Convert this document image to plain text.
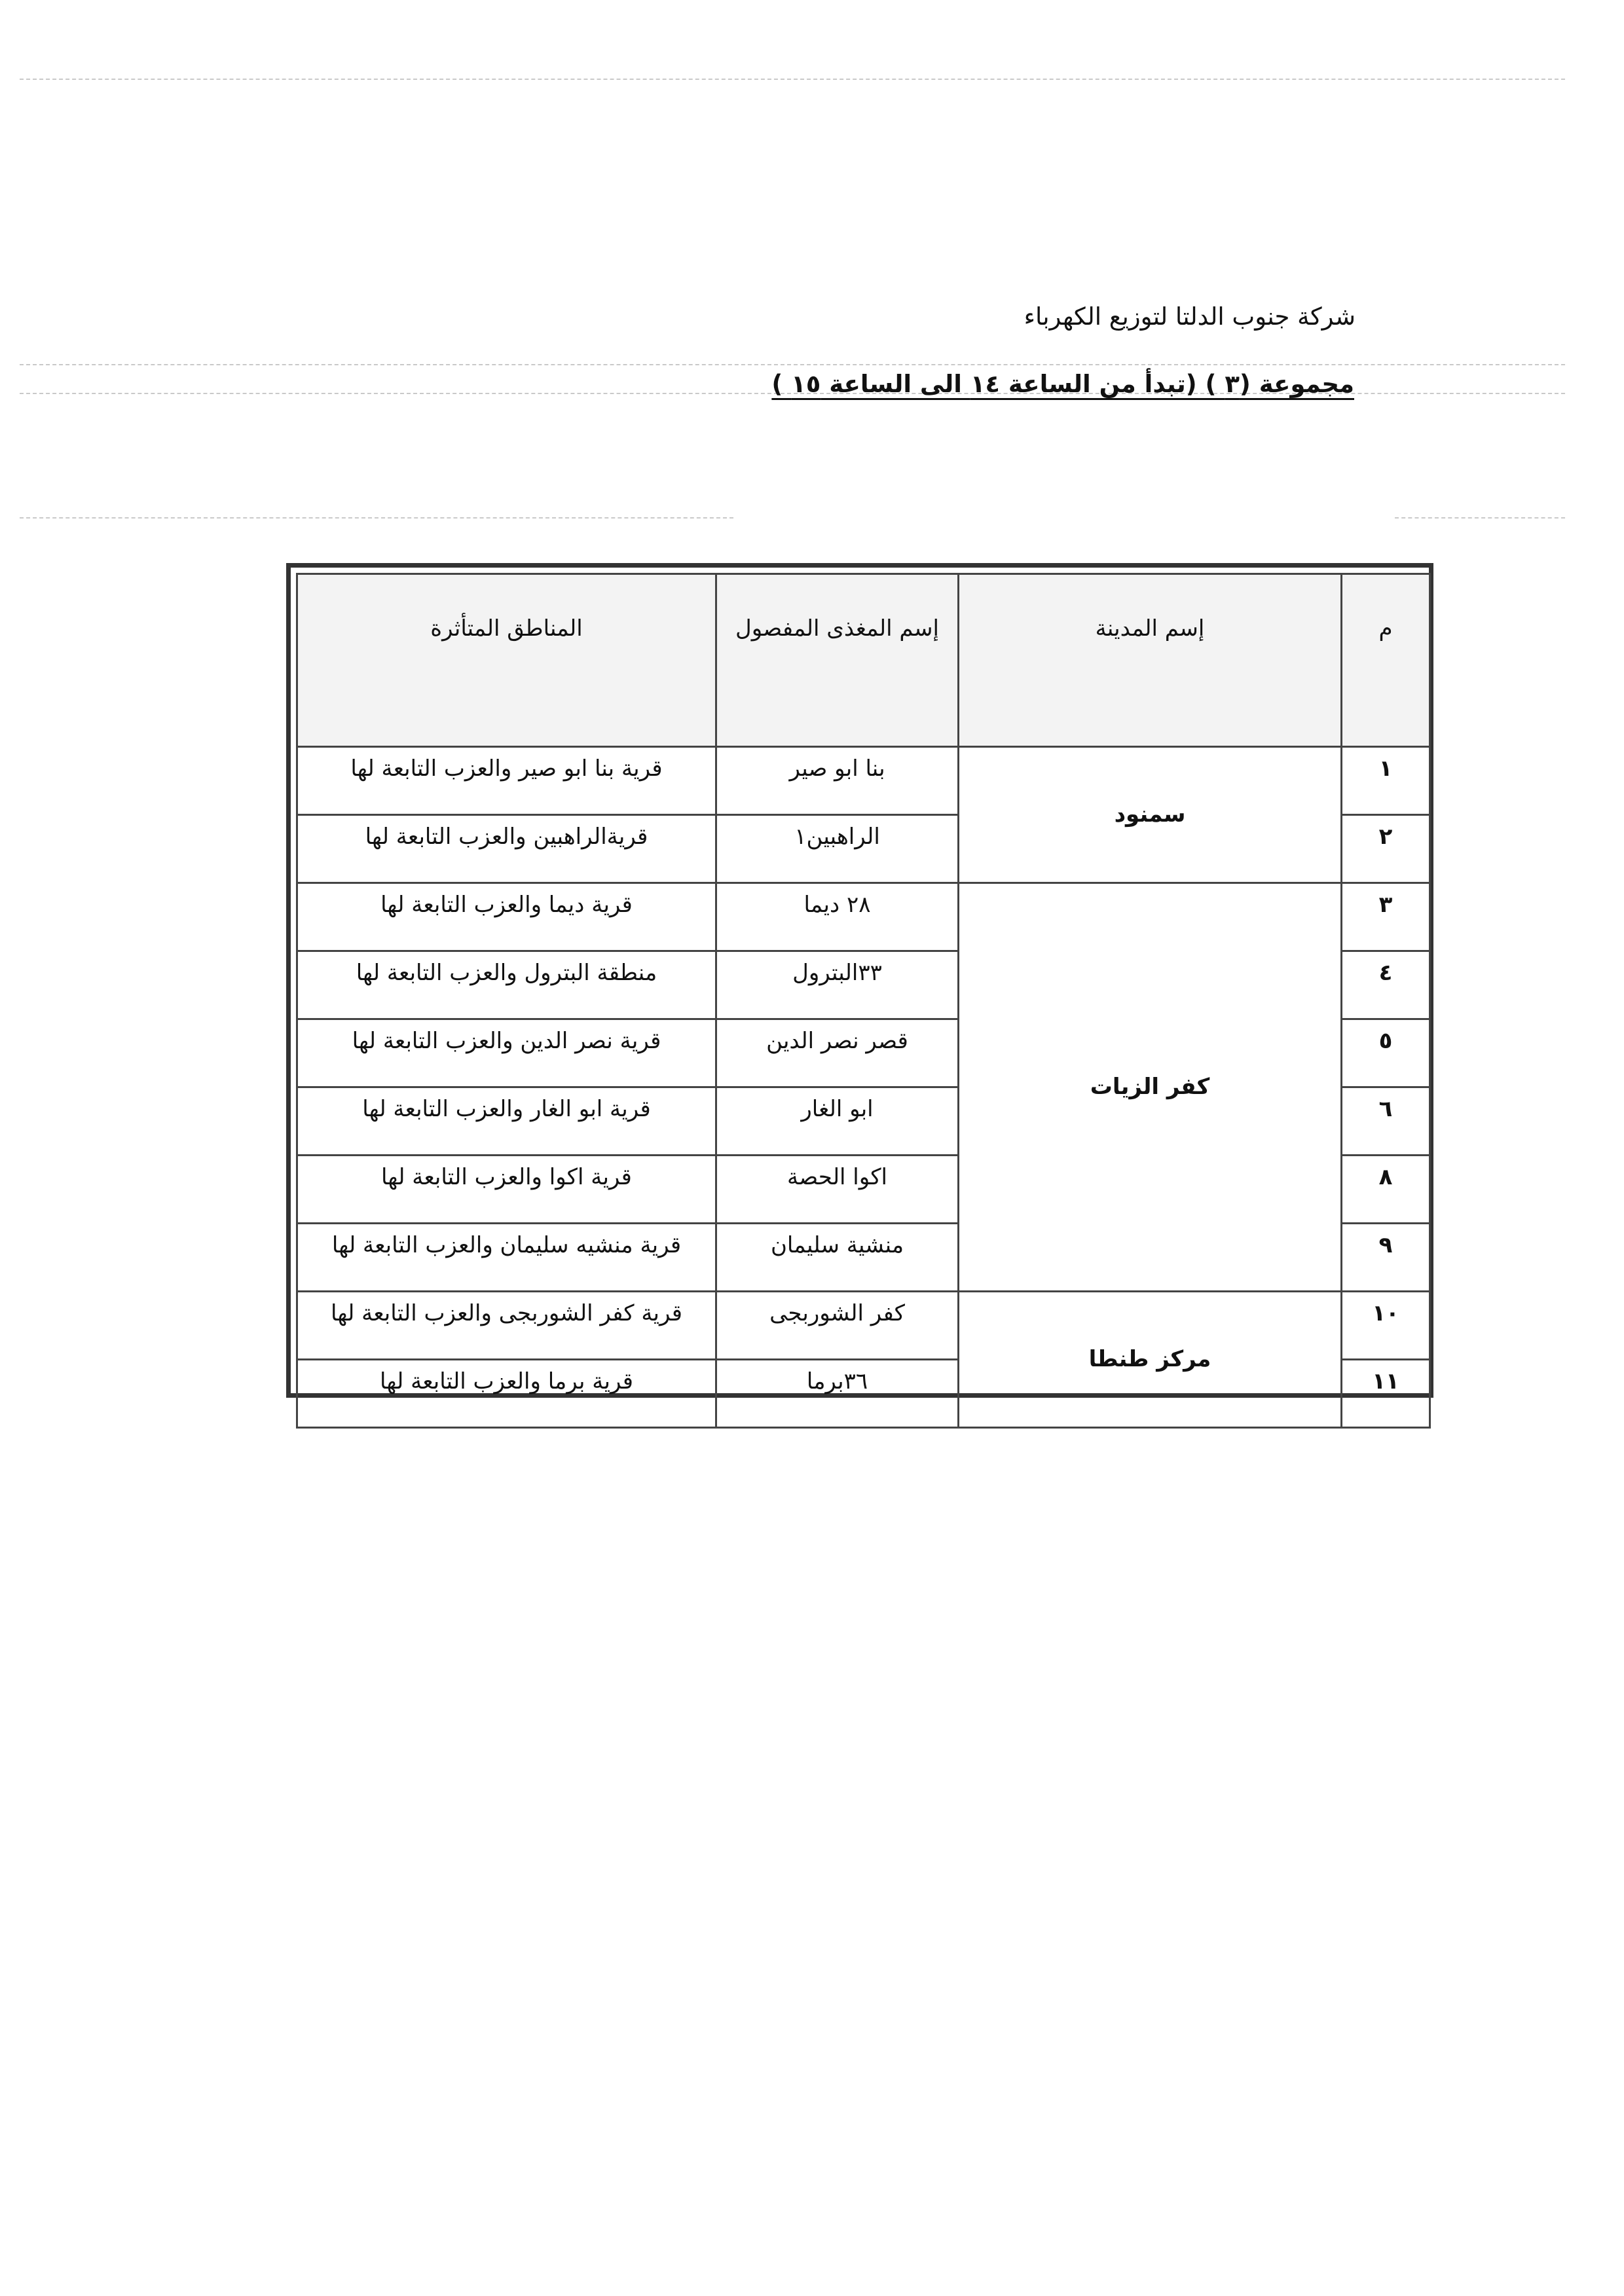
شركة جنوب الدلتا لتوزيع الكهرباء
مجموعة (٣ ) (تبدأ من الساعة ١٤ الى الساعة ١٥ )
م	إسم المدينة	إسم المغذى المفصول	المناطق المتأثرة
١	سمنود	بنا ابو صير	قرية بنا ابو صير والعزب التابعة لها
٢		الراهبين١	قريةالراهبين والعزب التابعة لها
٣	كفر الزيات	٢٨ ديما	قرية ديما والعزب التابعة لها
٤		٣٣البترول	منطقة البترول والعزب التابعة لها
٥		قصر نصر الدين	قرية نصر الدين والعزب التابعة لها
٦		ابو الغار	قرية ابو الغار والعزب التابعة لها
٨		اكوا الحصة	قرية اكوا والعزب التابعة لها
٩		منشية سليمان	قرية منشيه سليمان والعزب التابعة لها
١٠	مركز طنطا	كفر الشوربجى	قرية كفر الشوربجى والعزب التابعة لها
١١		٣٦برما	قرية برما والعزب التابعة لها
